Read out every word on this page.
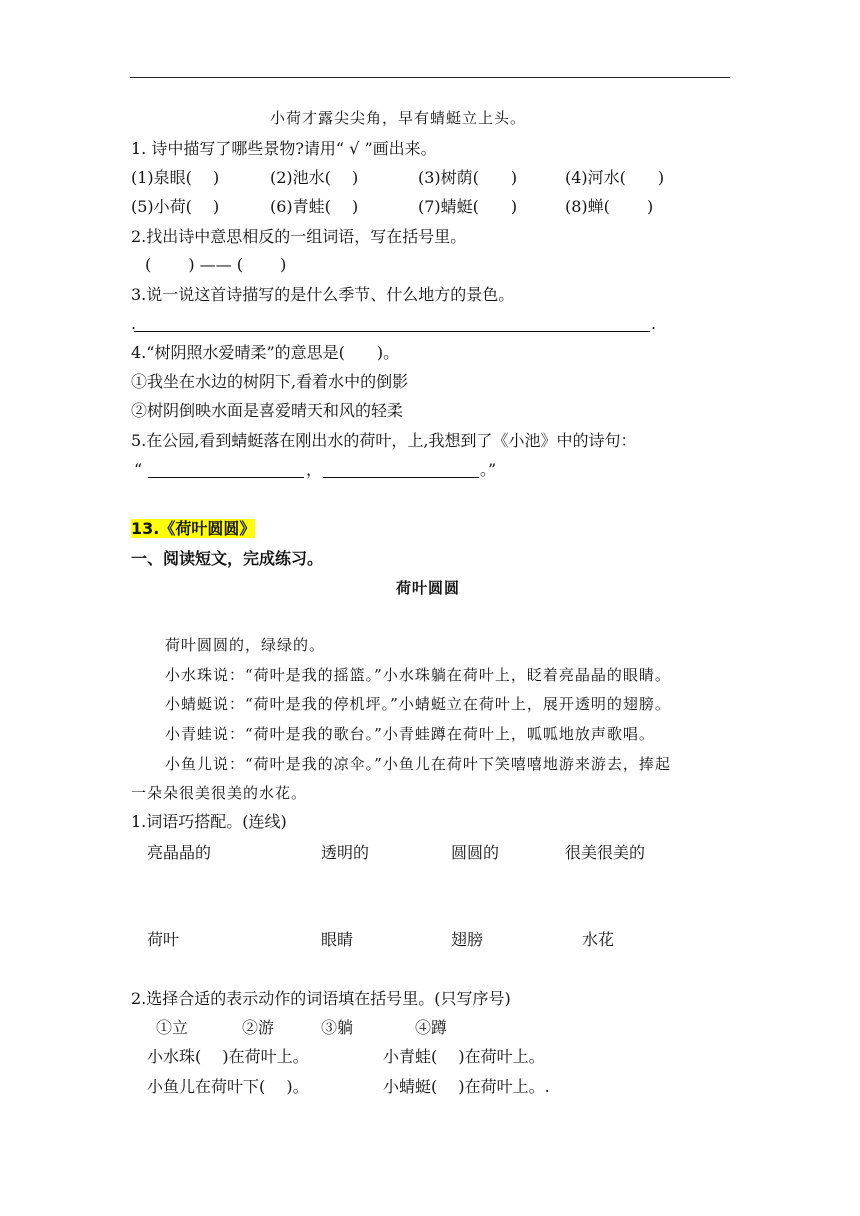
小荷才露尖尖角，早有蜻蜓立上头。
1. 诗中描写了哪些景物?请用“ √ ”画出来。
(1)泉眼(　 )	(2)池水(　 )	(3)树荫(　　)	(4)河水(　　)
(5)小荷(　 )	(6)青蛙(　 )	(7)蜻蜓(　　)	(8)蝉(　　 )
2.找出诗中意思相反的一组词语，写在括号里。
(　　 ) —— (　　 )
3.说一说这首诗描写的是什么季节、什么地方的景色。
.	.
4.“树阴照水爱晴柔”的意思是(　　)。
①我坐在水边的树阴下,看着水中的倒影
②树阴倒映水面是喜爱晴天和风的轻柔
5.在公园,看到蜻蜓落在刚出水的荷叶，上,我想到了《小池》中的诗句：
“	，	。”
13.《荷叶圆圆》
一、阅读短文，完成练习。
荷叶圆圆
荷叶圆圆的，绿绿的。
小水珠说：“荷叶是我的摇篮。”小水珠躺在荷叶上，眨着亮晶晶的眼睛。
小蜻蜓说：“荷叶是我的停机坪。”小蜻蜓立在荷叶上，展开透明的翅膀。
小青蛙说：“荷叶是我的歌台。”小青蛙蹲在荷叶上，呱呱地放声歌唱。
小鱼儿说：“荷叶是我的凉伞。”小鱼儿在荷叶下笑嘻嘻地游来游去，捧起
一朵朵很美很美的水花。
1.词语巧搭配。(连线)
亮晶晶的	透明的	圆圆的	很美很美的
荷叶	眼睛	翅膀	水花
2.选择合适的表示动作的词语填在括号里。(只写序号)
①立	②游	③躺	④蹲
小水珠(　 )在荷叶上。	小青蛙(　 )在荷叶上。
小鱼儿在荷叶下(　 )。	小蜻蜓(　 )在荷叶上。.
